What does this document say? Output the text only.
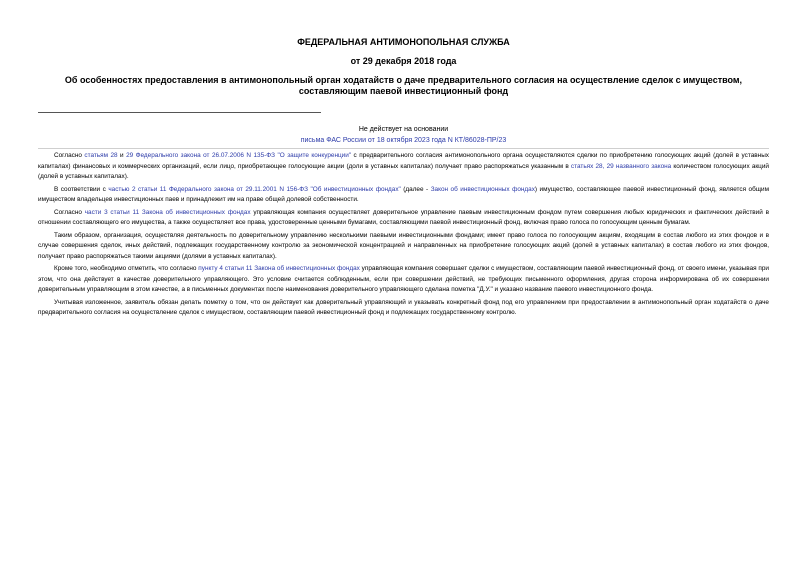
ФЕДЕРАЛЬНАЯ АНТИМОНОПОЛЬНАЯ СЛУЖБА
от 29 декабря 2018 года
Об особенностях предоставления в антимонопольный орган ходатайств о даче предварительного согласия на осуществление сделок с имуществом, составляющим паевой инвестиционный фонд
Не действует на основании
письма ФАС России от 18 октября 2023 года N КТ/86028-ПР/23

Согласно статьям 28 и 29 Федерального закона от 26.07.2006 N 135-ФЗ "О защите конкуренции" с предварительного согласия антимонопольного органа осуществляются сделки по приобретению голосующих акций (долей в уставных капиталах) финансовых и коммерческих организаций, если лицо, приобретающее голосующие акции (доли в уставных капиталах) получает право распоряжаться указанным в статьях 28, 29 названного закона количеством голосующих акций (долей в уставных капиталах).

В соответствии с частью 2 статьи 11 Федерального закона от 29.11.2001 N 156-ФЗ "Об инвестиционных фондах" (далее - Закон об инвестиционных фондах) имущество, составляющее паевой инвестиционный фонд, является общим имуществом владельцев инвестиционных паев и принадлежит им на праве общей долевой собственности.

Согласно части 3 статьи 11 Закона об инвестиционных фондах управляющая компания осуществляет доверительное управление паевым инвестиционным фондом путем совершения любых юридических и фактических действий в отношении составляющего его имущества, а также осуществляет все права, удостоверенные ценными бумагами, составляющими паевой инвестиционный фонд, включая право голоса по голосующим ценным бумагам.

Таким образом, организация, осуществляя деятельность по доверительному управлению несколькими паевыми инвестиционными фондами; имеет право голоса по голосующим акциям, входящим в состав любого из этих фондов и в случае совершения сделок, иных действий, подлежащих государственному контролю за экономической концентрацией и направленных на приобретение голосующих акций (долей в уставных капиталах) в состав любого из этих фондов, получает право распоряжаться такими акциями (долями в уставных капиталах).

Кроме того, необходимо отметить, что согласно пункту 4 статьи 11 Закона об инвестиционных фондах управляющая компания совершает сделки с имуществом, составляющим паевой инвестиционный фонд, от своего имени, указывая при этом, что она действует в качестве доверительного управляющего. Это условие считается соблюденным, если при совершении действий, не требующих письменного оформления, другая сторона информирована об их совершении доверительным управляющим в этом качестве, а в письменных документах после наименования доверительного управляющего сделана пометка "Д.У." и указано название паевого инвестиционного фонда.

Учитывая изложенное, заявитель обязан делать пометку о том, что он действует как доверительный управляющий и указывать конкретный фонд под его управлением при предоставлении в антимонопольный орган ходатайств о даче предварительного согласия на осуществление сделок с имуществом, составляющим паевой инвестиционный фонд и подлежащих государственному контролю.
